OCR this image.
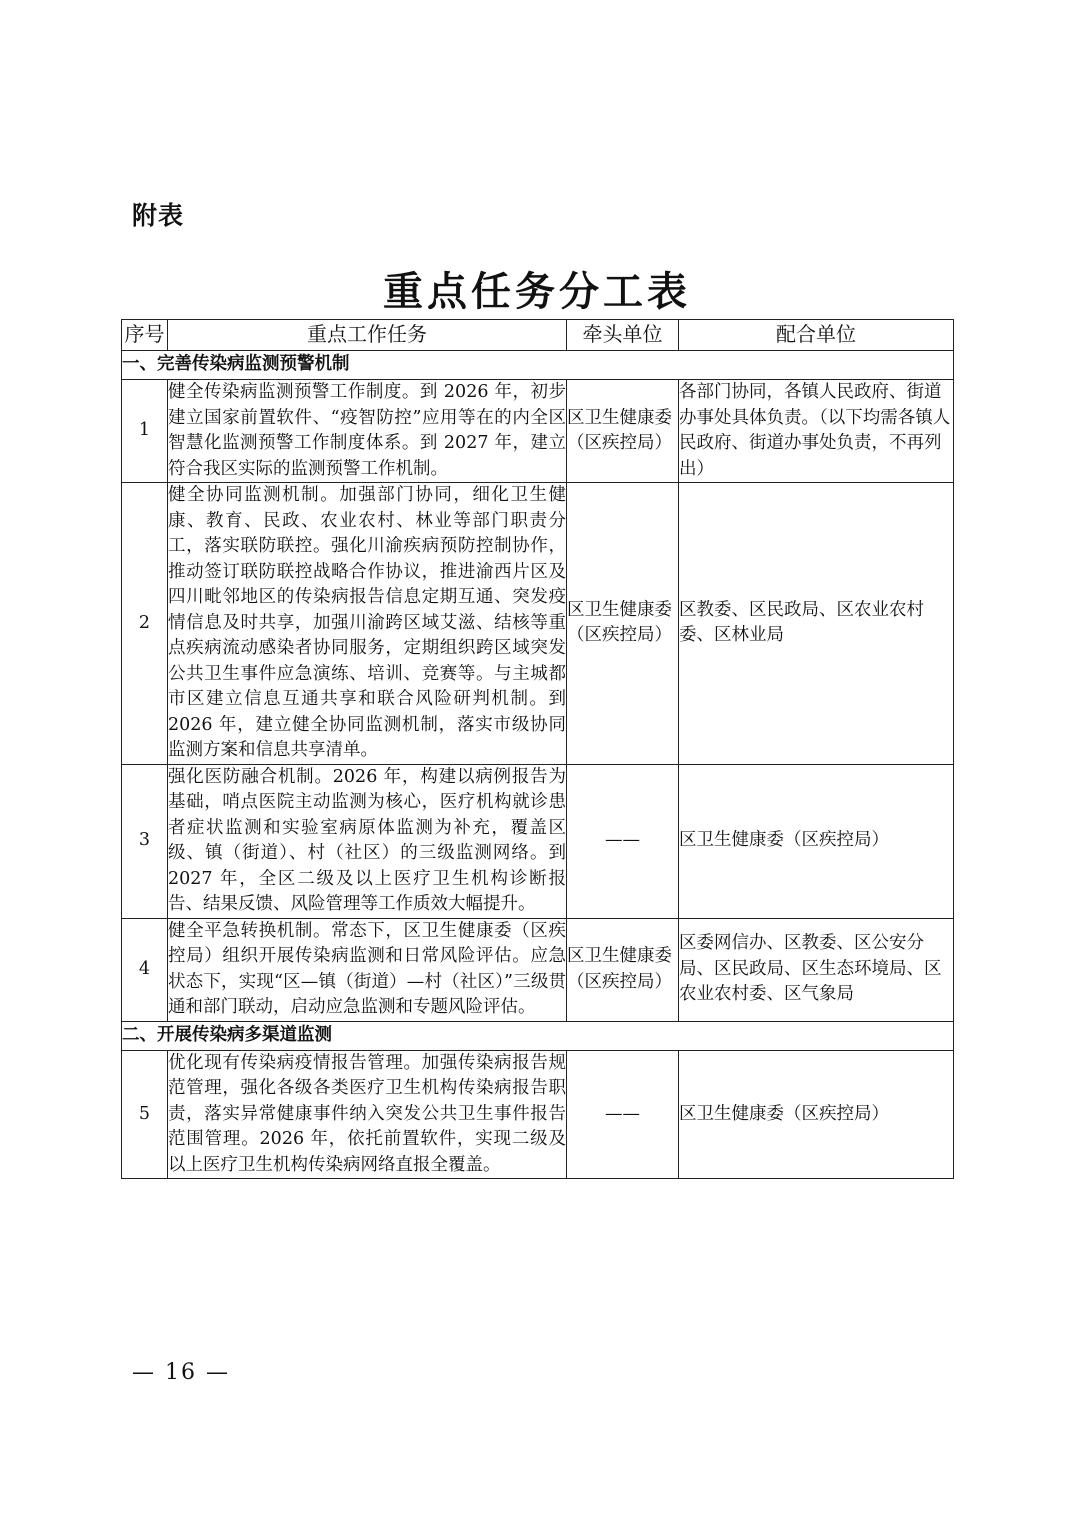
附表
重点任务分工表
序号	重点工作任务	牵头单位	配合单位
一、完善传染病监测预警机制			
1	健全传染病监测预警工作制度。到 2026 年，初步建立国家前置软件、“疫智防控”应用等在的内全区智慧化监测预警工作制度体系。到 2027 年，建立符合我区实际的监测预警工作机制。	区卫生健康委（区疾控局）	各部门协同，各镇人民政府、街道办事处具体负责。（以下均需各镇人民政府、街道办事处负责，不再列出）
2	健全协同监测机制。加强部门协同，细化卫生健康、教育、民政、农业农村、林业等部门职责分工，落实联防联控。强化川渝疾病预防控制协作，推动签订联防联控战略合作协议，推进渝西片区及四川毗邻地区的传染病报告信息定期互通、突发疫情信息及时共享，加强川渝跨区域艾滋、结核等重点疾病流动感染者协同服务，定期组织跨区域突发公共卫生事件应急演练、培训、竞赛等。与主城都市区建立信息互通共享和联合风险研判机制。到 2026 年，建立健全协同监测机制，落实市级协同监测方案和信息共享清单。	区卫生健康委（区疾控局）	区教委、区民政局、区农业农村委、区林业局
3	强化医防融合机制。2026 年，构建以病例报告为基础，哨点医院主动监测为核心，医疗机构就诊患者症状监测和实验室病原体监测为补充，覆盖区级、镇（街道）、村（社区）的三级监测网络。到 2027 年，全区二级及以上医疗卫生机构诊断报告、结果反馈、风险管理等工作质效大幅提升。	——	区卫生健康委（区疾控局）
4	健全平急转换机制。常态下，区卫生健康委（区疾控局）组织开展传染病监测和日常风险评估。应急状态下，实现“区—镇（街道）—村（社区）”三级贯通和部门联动，启动应急监测和专题风险评估。	区卫生健康委（区疾控局）	区委网信办、区教委、区公安分局、区民政局、区生态环境局、区农业农村委、区气象局
二、开展传染病多渠道监测			
5	优化现有传染病疫情报告管理。加强传染病报告规范管理，强化各级各类医疗卫生机构传染病报告职责，落实异常健康事件纳入突发公共卫生事件报告范围管理。2026 年，依托前置软件，实现二级及以上医疗卫生机构传染病网络直报全覆盖。	——	区卫生健康委（区疾控局）
— 16 —
